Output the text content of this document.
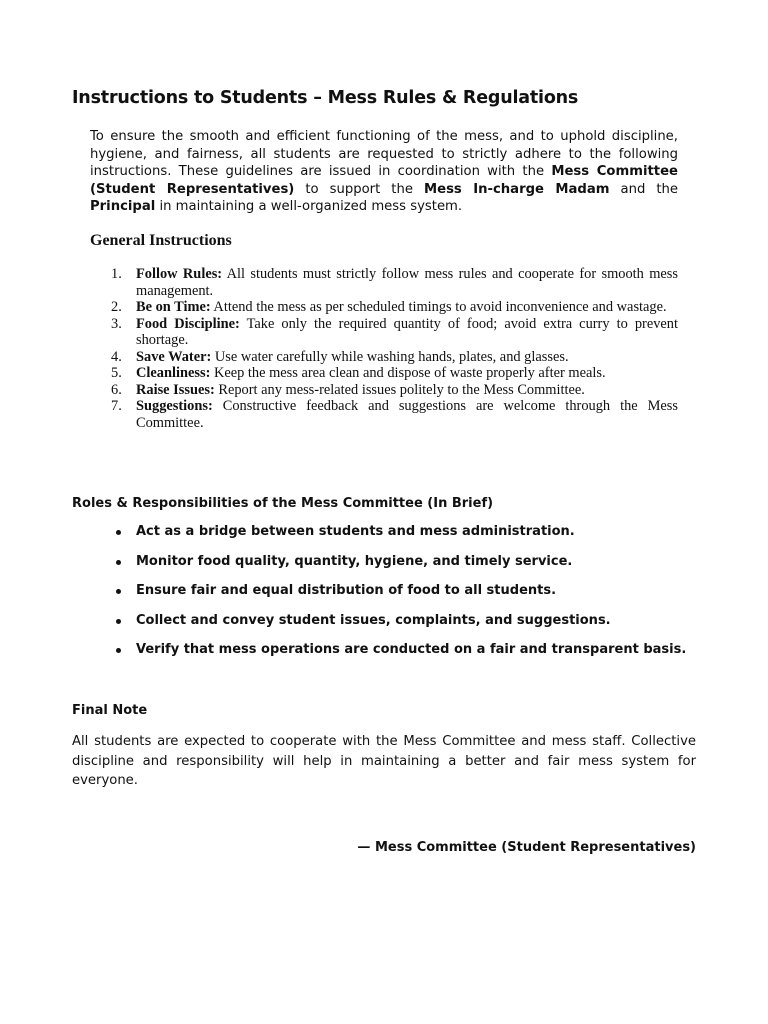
Instructions to Students – Mess Rules & Regulations

To ensure the smooth and efficient functioning of the mess, and to uphold discipline, hygiene, and fairness, all students are requested to strictly adhere to the following instructions. These guidelines are issued in coordination with the Mess Committee (Student Representatives) to support the Mess In-charge Madam and the Principal in maintaining a well-organized mess system.

General Instructions
1. Follow Rules: All students must strictly follow mess rules and cooperate for smooth mess management.
2. Be on Time: Attend the mess as per scheduled timings to avoid inconvenience and wastage.
3. Food Discipline: Take only the required quantity of food; avoid extra curry to prevent shortage.
4. Save Water: Use water carefully while washing hands, plates, and glasses.
5. Cleanliness: Keep the mess area clean and dispose of waste properly after meals.
6. Raise Issues: Report any mess-related issues politely to the Mess Committee.
7. Suggestions: Constructive feedback and suggestions are welcome through the Mess Committee.
Roles & Responsibilities of the Mess Committee (In Brief)
Act as a bridge between students and mess administration.
Monitor food quality, quantity, hygiene, and timely service.
Ensure fair and equal distribution of food to all students.
Collect and convey student issues, complaints, and suggestions.
Verify that mess operations are conducted on a fair and transparent basis.
Final Note

All students are expected to cooperate with the Mess Committee and mess staff. Collective discipline and responsibility will help in maintaining a better and fair mess system for everyone.

— Mess Committee (Student Representatives)
